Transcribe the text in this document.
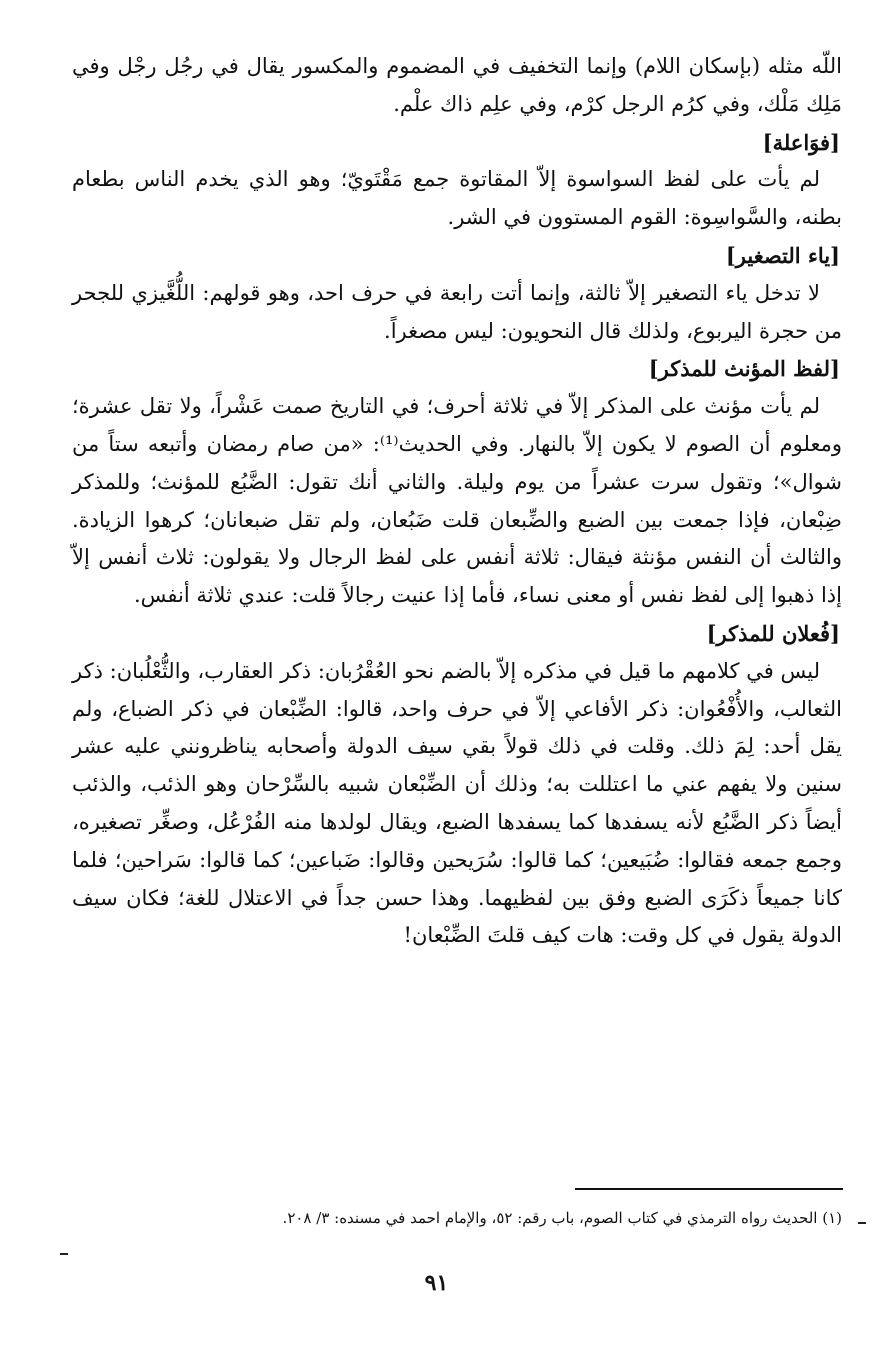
اللّه مثله (بإسكان اللام) وإنما التخفيف في المضموم والمكسور يقال في رجُل رجْل وفي مَلِك مَلْك، وفي كرُم الرجل كرْم، وفي علِم ذاك علْم.

[فوَاعلة]

لم يأت على لفظ السواسوة إلاّ المقاتوة جمع مَقْتَويّ؛ وهو الذي يخدم الناس بطعام بطنه، والسَّواسِوة: القوم المستوون في الشر.

[ياء التصغير]

لا تدخل ياء التصغير إلاّ ثالثة، وإنما أتت رابعة في حرف احد، وهو قولهم: اللُّغَّيزي للجحر من حجرة اليربوع، ولذلك قال النحويون: ليس مصغراً.

[لفظ المؤنث للمذكر]

لم يأت مؤنث على المذكر إلاّ في ثلاثة أحرف؛ في التاريخ صمت عَشْراً، ولا تقل عشرة؛ ومعلوم أن الصوم لا يكون إلاّ بالنهار. وفي الحديث⁽¹⁾: «من صام رمضان وأتبعه ستاً من شوال»؛ وتقول سرت عشراً من يوم وليلة. والثاني أنك تقول: الضَّبُع للمؤنث؛ وللمذكر ضِبْعان، فإذا جمعت بين الضبع والضِّبعان قلت ضَبُعان، ولم تقل ضبعانان؛ كرهوا الزيادة. والثالث أن النفس مؤنثة فيقال: ثلاثة أنفس على لفظ الرجال ولا يقولون: ثلاث أنفس إلاّ إذا ذهبوا إلى لفظ نفس أو معنى نساء، فأما إذا عنيت رجالاً قلت: عندي ثلاثة أنفس.

[فُعلان للمذكر]

ليس في كلامهم ما قيل في مذكره إلاّ بالضم نحو العُقْرُبان: ذكر العقارب، والثُّعْلُبان: ذكر الثعالب، والأُفْعُوان: ذكر الأفاعي إلاّ في حرف واحد، قالوا: الضِّبْعان في ذكر الضباع، ولم يقل أحد: لِمَ ذلك. وقلت في ذلك قولاً بقي سيف الدولة وأصحابه يناظرونني عليه عشر سنين ولا يفهم عني ما اعتللت به؛ وذلك أن الضِّبْعان شبيه بالسِّرْحان وهو الذئب، والذئب أيضاً ذكر الضَّبُع لأنه يسفدها كما يسفدها الضبع، ويقال لولدها منه الفُرْعُل، وصغِّر تصغيره، وجمع جمعه فقالوا: ضُبَيعين؛ كما قالوا: سُرَيحين وقالوا: ضَباعين؛ كما قالوا: سَراحين؛ فلما كانا جميعاً ذكَرَى الضبع وفق بين لفظيهما. وهذا حسن جداً في الاعتلال للغة؛ فكان سيف الدولة يقول في كل وقت: هات كيف قلتَ الضِّبْعان!

(١) الحديث رواه الترمذي في كتاب الصوم، باب رقم: ٥٢، والإمام احمد في مسنده: ٣/ ٢٠٨.
٩١
